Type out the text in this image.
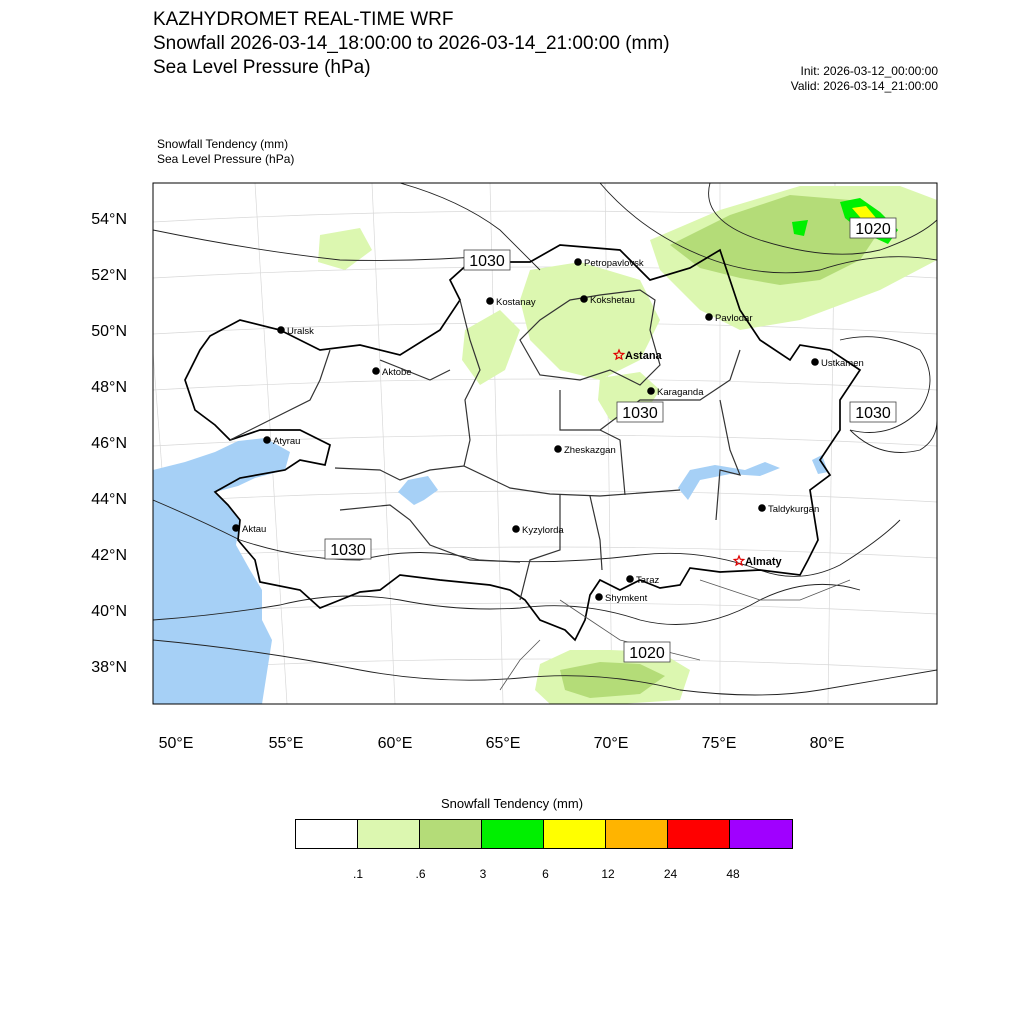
KAZHYDROMET REAL-TIME WRF
Snowfall 2026-03-14_18:00:00 to 2026-03-14_21:00:00 (mm)
Sea Level Pressure (hPa)	Init: 2026-03-12_00:00:00
Valid: 2026-03-14_21:00:00
Snowfall Tendency (mm)
Sea Level Pressure (hPa)
Petropavlovsk
Kostanay	Kokshetau
Pavlodar
Uralsk
Astana
Aktobe
Ustkamen
Karaganda
Atyrau
Zheskazgan
Aktau	Kyzylorda
Taldykurgan
Almaty
Taraz
Shymkent
1030
1030	1030
1030
1020
1020
54°N
52°N
50°N
48°N
46°N
44°N
42°N
40°N
38°N
50°E	55°E	60°E	65°E	70°E	75°E	80°E
Snowfall Tendency (mm)
.1	.6	3	6	12	24	48
